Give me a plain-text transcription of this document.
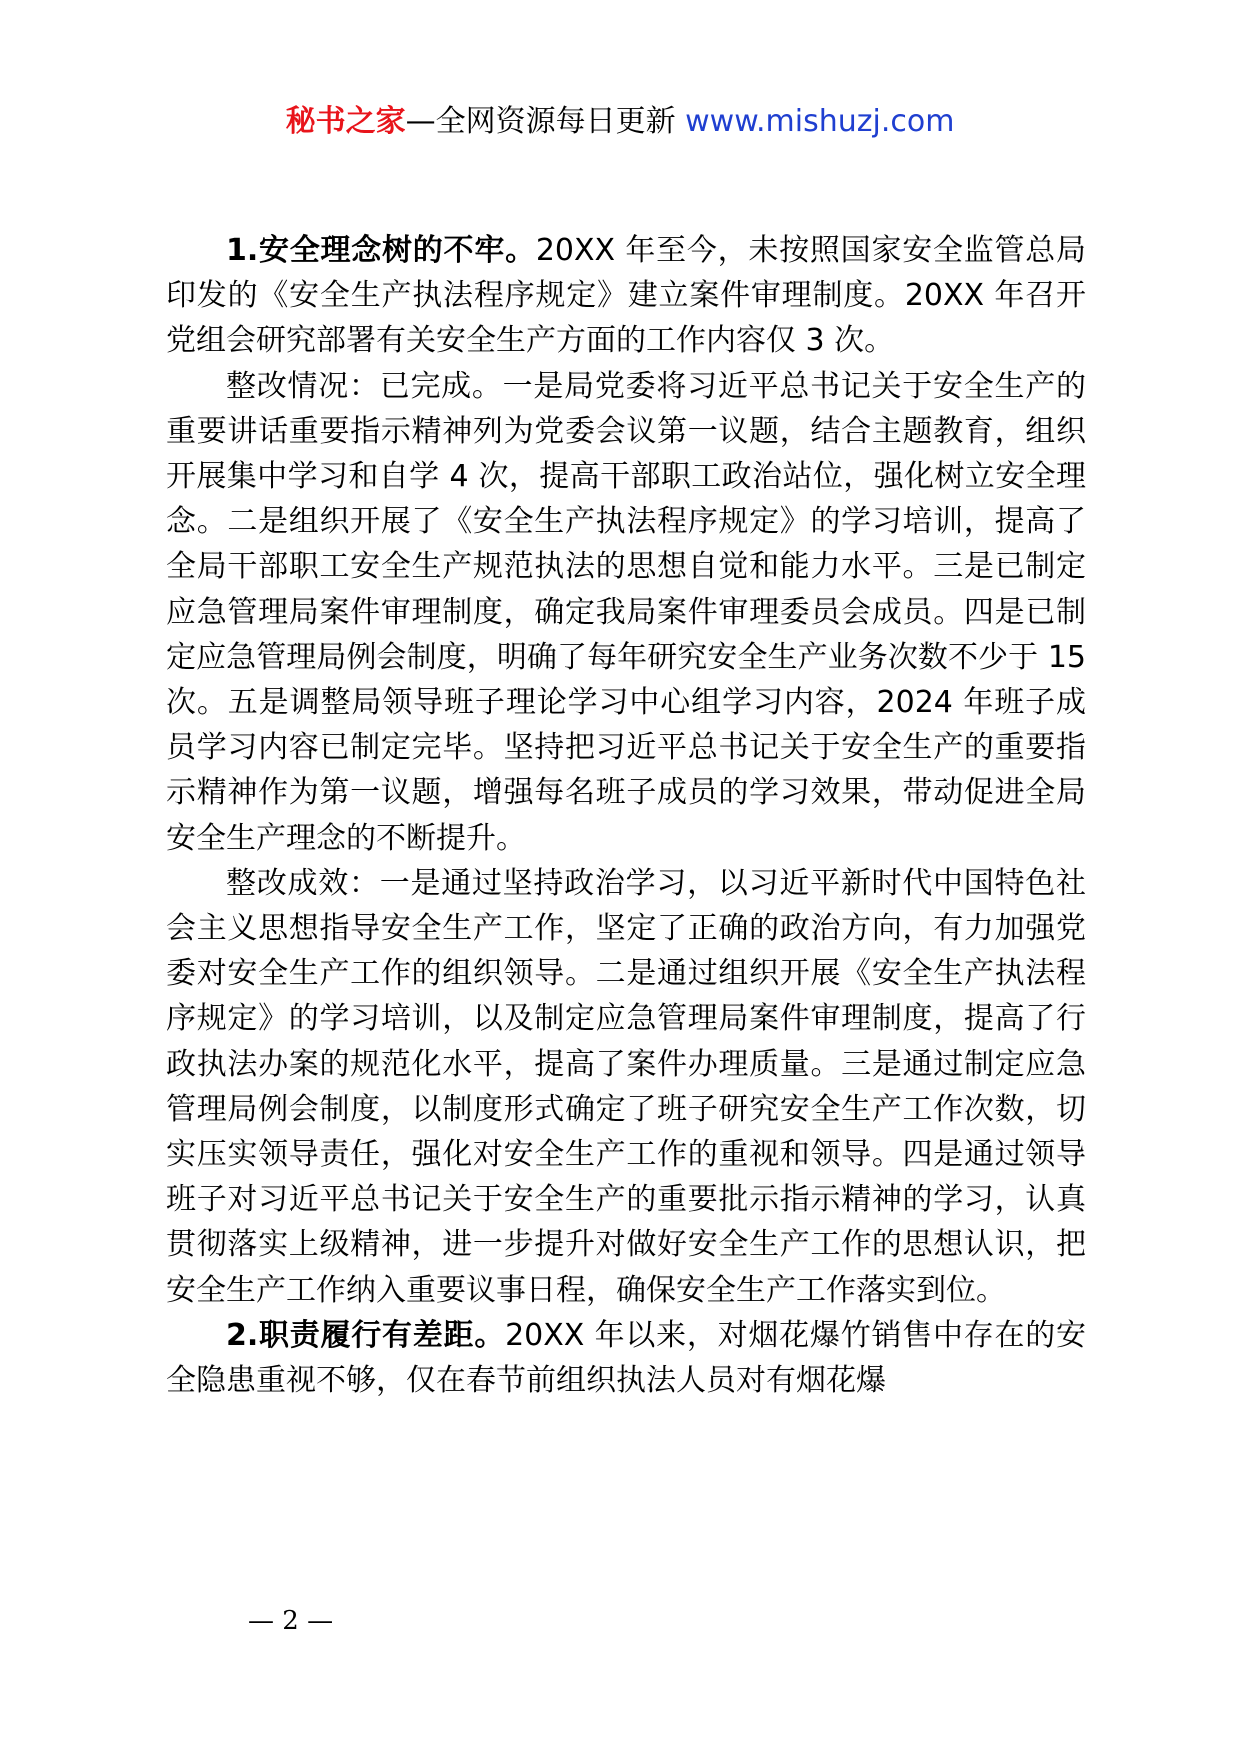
秘书之家—全网资源每日更新 www.mishuzj.com

1.安全理念树的不牢。20XX 年至今，未按照国家安全监管总局印发的《安全生产执法程序规定》建立案件审理制度。20XX 年召开党组会研究部署有关安全生产方面的工作内容仅 3 次。

整改情况：已完成。一是局党委将习近平总书记关于安全生产的重要讲话重要指示精神列为党委会议第一议题，结合主题教育，组织开展集中学习和自学 4 次，提高干部职工政治站位，强化树立安全理念。二是组织开展了《安全生产执法程序规定》的学习培训，提高了全局干部职工安全生产规范执法的思想自觉和能力水平。三是已制定应急管理局案件审理制度，确定我局案件审理委员会成员。四是已制定应急管理局例会制度，明确了每年研究安全生产业务次数不少于 15 次。五是调整局领导班子理论学习中心组学习内容，2024 年班子成员学习内容已制定完毕。坚持把习近平总书记关于安全生产的重要指示精神作为第一议题，增强每名班子成员的学习效果，带动促进全局安全生产理念的不断提升。

整改成效：一是通过坚持政治学习，以习近平新时代中国特色社会主义思想指导安全生产工作，坚定了正确的政治方向，有力加强党委对安全生产工作的组织领导。二是通过组织开展《安全生产执法程序规定》的学习培训，以及制定应急管理局案件审理制度，提高了行政执法办案的规范化水平，提高了案件办理质量。三是通过制定应急管理局例会制度，以制度形式确定了班子研究安全生产工作次数，切实压实领导责任，强化对安全生产工作的重视和领导。四是通过领导班子对习近平总书记关于安全生产的重要批示指示精神的学习，认真贯彻落实上级精神，进一步提升对做好安全生产工作的思想认识，把安全生产工作纳入重要议事日程，确保安全生产工作落实到位。

2.职责履行有差距。20XX 年以来，对烟花爆竹销售中存在的安全隐患重视不够，仅在春节前组织执法人员对有烟花爆

— 2 —
